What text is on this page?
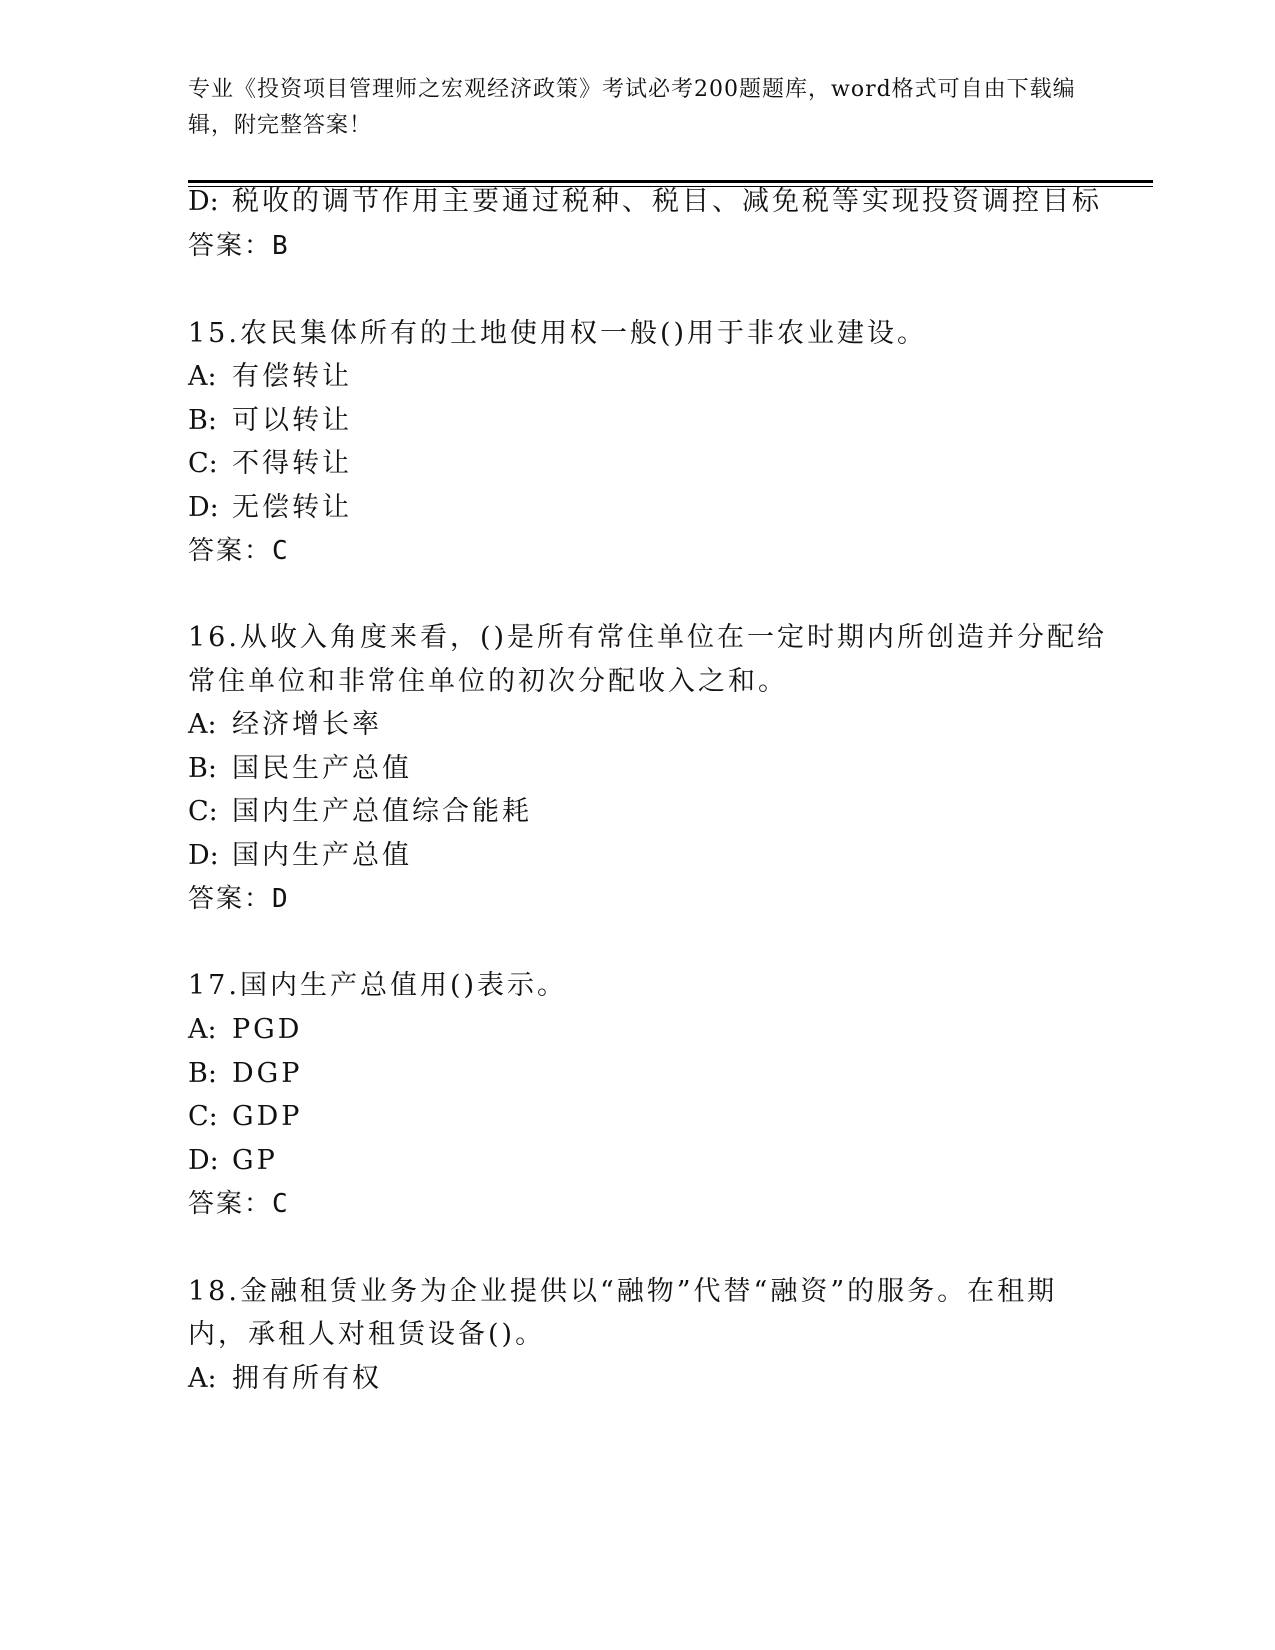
专业《投资项目管理师之宏观经济政策》考试必考200题题库，word格式可自由下载编辑，附完整答案！
D: 税收的调节作用主要通过税种、税目、减免税等实现投资调控目标
答案：B
15.农民集体所有的土地使用权一般()用于非农业建设。
A: 有偿转让
B: 可以转让
C: 不得转让
D: 无偿转让
答案：C
16.从收入角度来看，()是所有常住单位在一定时期内所创造并分配给
常住单位和非常住单位的初次分配收入之和。
A: 经济增长率
B: 国民生产总值
C: 国内生产总值综合能耗
D: 国内生产总值
答案：D
17.国内生产总值用()表示。
A: PGD
B: DGP
C: GDP
D: GP
答案：C
18.金融租赁业务为企业提供以“融物”代替“融资”的服务。在租期
内，承租人对租赁设备()。
A: 拥有所有权
